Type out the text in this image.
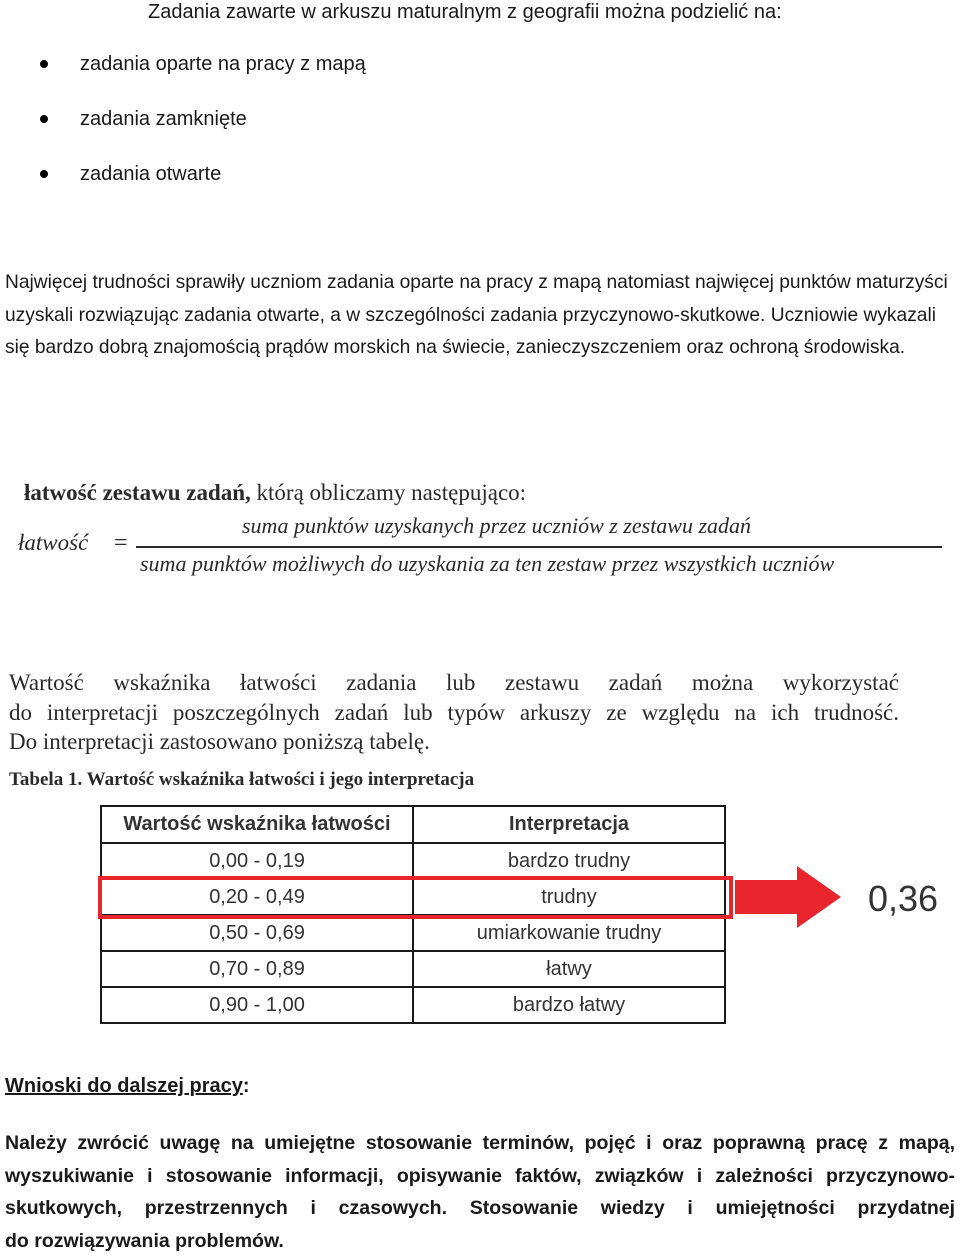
Zadania zawarte w arkuszu maturalnym z geografii można podzielić na:
zadania oparte na pracy z mapą
zadania zamknięte
zadania otwarte

Najwięcej trudności sprawiły uczniom zadania oparte na pracy z mapą natomiast najwięcej punktów maturzyści uzyskali rozwiązując zadania otwarte, a w szczególności zadania przyczynowo-skutkowe. Uczniowie wykazali się bardzo dobrą znajomością prądów morskich na świecie, zanieczyszczeniem oraz ochroną środowiska.

łatwość zestawu zadań, którą obliczamy następująco:
łatwość =
suma punktów uzyskanych przez uczniów z zestawu zadań
suma punktów możliwych do uzyskania za ten zestaw przez wszystkich uczniów

Wartość wskaźnika łatwości zadania lub zestawu zadań można wykorzystać
do interpretacji poszczególnych zadań lub typów arkuszy ze względu na ich trudność.
Do interpretacji zastosowano poniższą tabelę.

Tabela 1. Wartość wskaźnika łatwości i jego interpretacja
Wartość wskaźnika łatwości	Interpretacja
0,00 - 0,19	bardzo trudny
0,20 - 0,49	trudny
0,50 - 0,69	umiarkowanie trudny
0,70 - 0,89	łatwy
0,90 - 1,00	bardzo łatwy
0,36
Wnioski do dalszej pracy:

Należy zwrócić uwagę na umiejętne stosowanie terminów, pojęć i oraz poprawną pracę z mapą,
wyszukiwanie i stosowanie informacji, opisywanie faktów, związków i zależności przyczynowo-
skutkowych, przestrzennych i czasowych. Stosowanie wiedzy i umiejętności przydatnej
do rozwiązywania problemów.
